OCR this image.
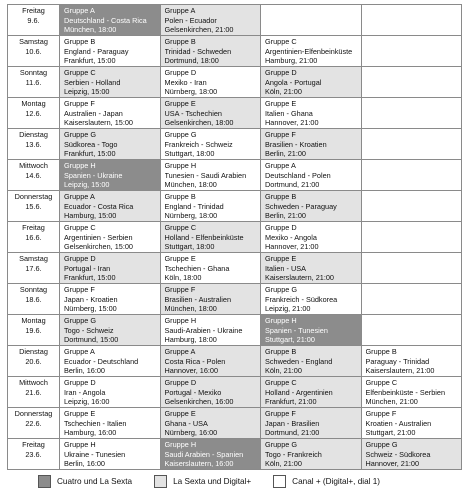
Freitag
9.6.	Gruppe A
Deutschland - Costa Rica
München, 18:00	Gruppe A
Polen - Ecuador
Gelsenkirchen, 21:00		

Samstag
10.6.	Gruppe B
England - Paraguay
Frankfurt, 15:00	Gruppe B
Trinidad - Schweden
Dortmund, 18:00	Gruppe C
Argentinien-Elfenbeinküste
Hamburg, 21:00	

Sonntag
11.6.	Gruppe C
Serbien - Holland
Leipzig, 15:00	Gruppe D
Mexiko - Iran
Nürnberg, 18:00	Gruppe D
Angola - Portugal
Köln, 21:00	

Montag
12.6.	Gruppe F
Australien - Japan
Kaiserslautern, 15:00	Gruppe E
USA - Tschechien
Gelsenkirchen, 18:00	Gruppe E
Italien - Ghana
Hannover, 21:00	

Dienstag
13.6.	Gruppe G
Südkorea - Togo
Frankfurt, 15:00	Gruppe G
Frankreich - Schweiz
Stuttgart, 18:00	Gruppe F
Brasilien - Kroatien
Berlin, 21:00	

Mittwoch
14.6.	Gruppe H
Spanien - Ukraine
Leipzig, 15:00	Gruppe H
Tunesien - Saudi Arabien
München, 18:00	Gruppe A
Deutschland - Polen
Dortmund, 21:00	

Donnerstag
15.6.	Gruppe A
Ecuador - Costa Rica
Hamburg, 15:00	Gruppe B
England - Trinidad
Nürnberg, 18:00	Gruppe B
Schweden - Paraguay
Berlin, 21:00	

Freitag
16.6.	Gruppe C
Argentinien - Serbien
Gelsenkirchen, 15:00	Gruppe C
Holland - Elfenbeinküste
Stuttgart, 18:00	Gruppe D
Mexiko - Angola
Hannover, 21:00	

Samstag
17.6.	Gruppe D
Portugal - Iran
Frankfurt, 15:00	Gruppe E
Tschechien - Ghana
Köln, 18:00	Gruppe E
Italien - USA
Kaiserslautern, 21:00	

Sonntag
18.6.	Gruppe F
Japan - Kroatien
Nürnberg, 15:00	Gruppe F
Brasilien - Australien
München, 18:00	Gruppe G
Frankreich - Südkorea
Leipzig, 21:00	

Montag
19.6.	Gruppe G
Togo - Schweiz
Dortmund, 15:00	Gruppe H
Saudi-Arabien - Ukraine
Hamburg, 18:00	Gruppe H
Spanien - Tunesien
Stuttgart, 21:00	

Dienstag
20.6.	Gruppe A
Ecuador - Deutschland
Berlin, 16:00	Gruppe A
Costa Rica - Polen
Hannover, 16:00	Gruppe B
Schweden - England
Köln, 21:00	Gruppe B
Paraguay - Trinidad
Kaiserslautern, 21:00

Mittwoch
21.6.	Gruppe D
Iran - Angola
Leipzig, 16:00	Gruppe D
Portugal - Mexiko
Gelsenkirchen, 16:00	Gruppe C
Holland - Argentinien
Frankfurt, 21:00	Gruppe C
Elfenbeinküste - Serbien
München, 21:00

Donnerstag
22.6.	Gruppe E
Tschechien - Italien
Hamburg, 16:00	Gruppe E
Ghana - USA
Nürnberg, 16:00	Gruppe F
Japan - Brasilien
Dortmund, 21:00	Gruppe F
Kroatien - Australien
Stuttgart, 21:00

Freitag
23.6.	Gruppe H
Ukraine - Tunesien
Berlin, 16:00	Gruppe H
Saudi Arabien - Spanien
Kaiserslautern, 16:00	Gruppe G
Togo - Frankreich
Köln, 21:00	Gruppe G
Schweiz - Südkorea
Hannover, 21:00
Cuatro und La Sexta	La Sexta und Digital+	Canal + (Digital+, dial 1)
